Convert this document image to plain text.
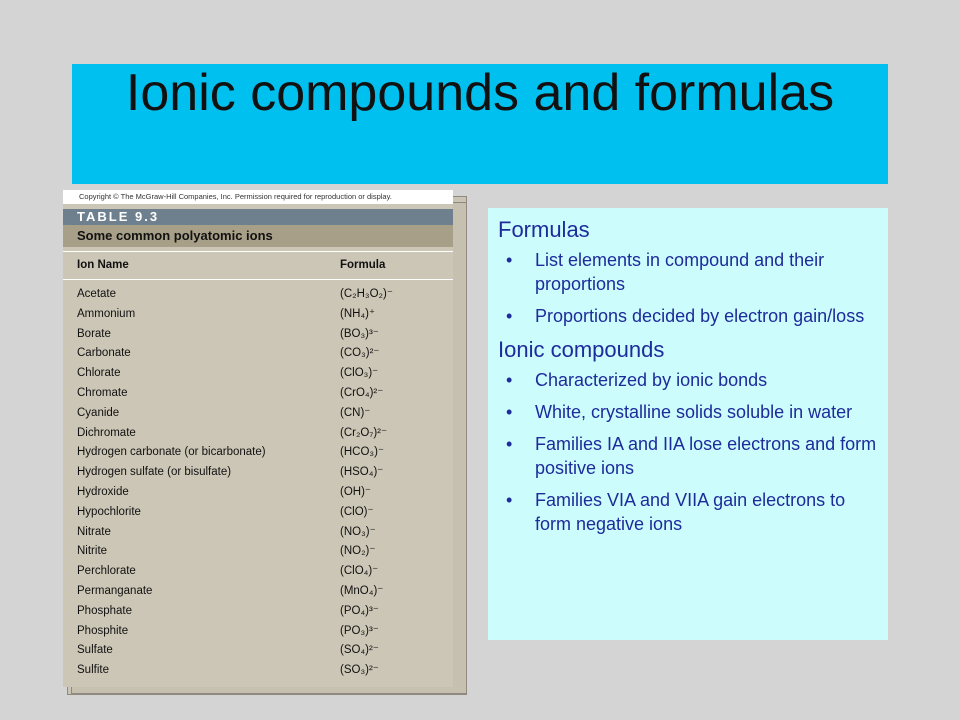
Ionic compounds and formulas
Copyright © The McGraw-Hill Companies, Inc. Permission required for reproduction or display.
TABLE 9.3
Some common polyatomic ions
Ion Name	Formula
Acetate	(C₂H₃O₂)⁻
Ammonium	(NH₄)⁺
Borate	(BO₃)³⁻
Carbonate	(CO₃)²⁻
Chlorate	(ClO₃)⁻
Chromate	(CrO₄)²⁻
Cyanide	(CN)⁻
Dichromate	(Cr₂O₇)²⁻
Hydrogen carbonate (or bicarbonate)	(HCO₃)⁻
Hydrogen sulfate (or bisulfate)	(HSO₄)⁻
Hydroxide	(OH)⁻
Hypochlorite	(ClO)⁻
Nitrate	(NO₃)⁻
Nitrite	(NO₂)⁻
Perchlorate	(ClO₄)⁻
Permanganate	(MnO₄)⁻
Phosphate	(PO₄)³⁻
Phosphite	(PO₃)³⁻
Sulfate	(SO₄)²⁻
Sulfite	(SO₃)²⁻
Formulas
• List elements in compound and their proportions
• Proportions decided by electron gain/loss
Ionic compounds
• Characterized by ionic bonds
• White, crystalline solids soluble in water
• Families IA and IIA lose electrons and form positive ions
• Families VIA and VIIA gain electrons to form negative ions
